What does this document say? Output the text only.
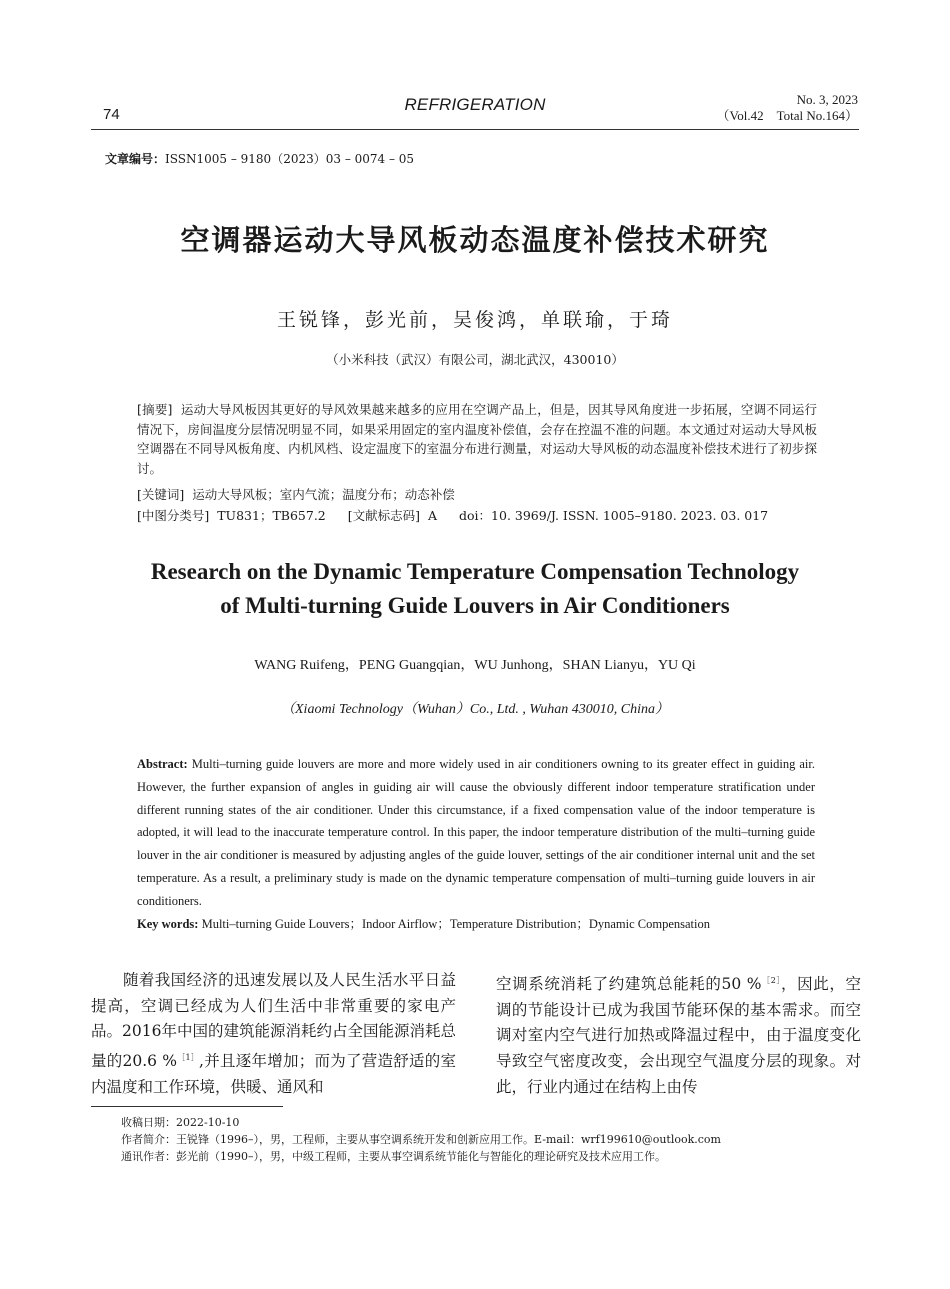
74
REFRIGERATION	No. 3, 2023
（Vol.42　Total No.164）
文章编号：ISSN1005 – 9180（2023）03 – 0074 – 05
空调器运动大导风板动态温度补偿技术研究
王锐锋，彭光前，吴俊鸿，单联瑜，于琦
（小米科技（武汉）有限公司，湖北武汉，430010）
[摘要] 运动大导风板因其更好的导风效果越来越多的应用在空调产品上，但是，因其导风角度进一步拓展，空调不同运行情况下，房间温度分层情况明显不同，如果采用固定的室内温度补偿值，会存在控温不准的问题。本文通过对运动大导风板空调器在不同导风板角度、内机风档、设定温度下的室温分布进行测量，对运动大导风板的动态温度补偿技术进行了初步探讨。
[关键词] 运动大导风板；室内气流；温度分布；动态补偿
[中图分类号] TU831；TB657.2 [文献标志码] A doi：10. 3969/J. ISSN. 1005–9180. 2023. 03. 017
Research on the Dynamic Temperature Compensation Technology
of Multi-turning Guide Louvers in Air Conditioners
WANG Ruifeng，PENG Guangqian，WU Junhong，SHAN Lianyu，YU Qi
（Xiaomi Technology（Wuhan）Co., Ltd. , Wuhan 430010, China）
Abstract: Multi–turning guide louvers are more and more widely used in air conditioners owning to its greater effect in guiding air. However, the further expansion of angles in guiding air will cause the obviously different indoor temperature stratification under different running states of the air conditioner. Under this circumstance, if a fixed compensation value of the indoor temperature is adopted, it will lead to the inaccurate temperature control. In this paper, the indoor temperature distribution of the multi–turning guide louver in the air conditioner is measured by adjusting angles of the guide louver, settings of the air conditioner internal unit and the set temperature. As a result, a preliminary study is made on the dynamic temperature compensation of multi–turning guide louvers in air conditioners.
Key words: Multi–turning Guide Louvers；Indoor Airflow；Temperature Distribution；Dynamic Compensation
随着我国经济的迅速发展以及人民生活水平日益提高，空调已经成为人们生活中非常重要的家电产品。2016年中国的建筑能源消耗约占全国能源消耗总量的20.6 %$^{[1]}$,并且逐年增加；而为了营造舒适的室内温度和工作环境，供暖、通风和
空调系统消耗了约建筑总能耗的50 %$^{[2]}$，因此，空调的节能设计已成为我国节能环保的基本需求。而空调对室内空气进行加热或降温过程中，由于温度变化导致空气密度改变，会出现空气温度分层的现象。对此，行业内通过在结构上由传
收稿日期：2022-10-10
作者简介：王锐锋（1996–），男，工程师，主要从事空调系统开发和创新应用工作。E-mail：wrf199610@outlook.com
通讯作者：彭光前（1990–），男，中级工程师，主要从事空调系统节能化与智能化的理论研究及技术应用工作。
